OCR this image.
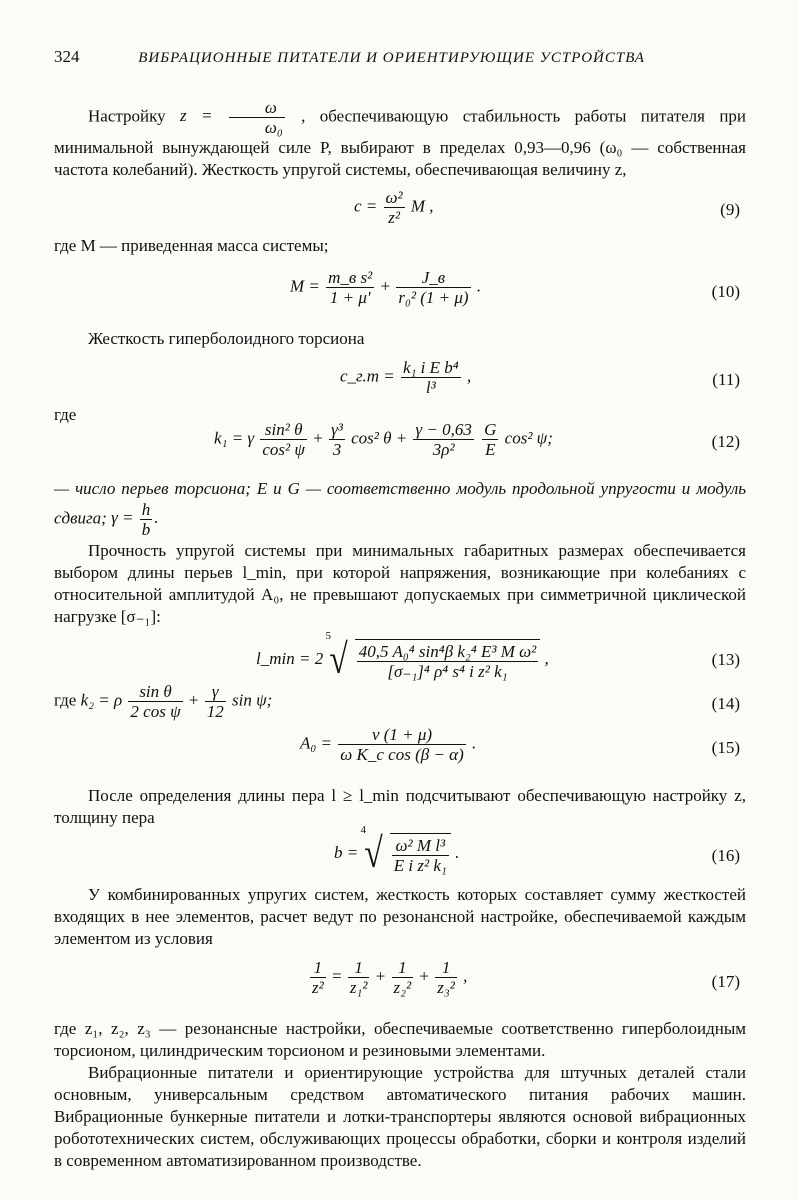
324	ВИБРАЦИОННЫЕ ПИТАТЕЛИ И ОРИЕНТИРУЮЩИЕ УСТРОЙСТВА

Настройку $z = \frac{\omega}{\text{ω₀}}$ , обеспечивающую стабильность работы питателя при минимальной вынуждающей силе P, выбирают в пределах 0,93—0,96 (ω₀ — собственная частота колебаний). Жесткость упругой системы, обеспечивающая величину z,

$c = \frac{\text{ω²}}{\text{z²}}$ M ,	(9)

где M — приведенная масса системы;

$M = \frac{\text{m\_в s²}}{1 + \mu'} + \frac{J\_в}{\text{r₀² (1 + μ)}}$ .	(10)

Жесткость гиперболоидного торсиона

c_г.т = $\frac{\text{k₁ i E b⁴}}{\text{l³}}$ ,	(11)

где

k₁ = γ $\frac{\text{sin² θ}}{\text{cos² ψ}} + \frac{\text{γ³}}{3} \cos^2$ $\theta + \frac{\gamma - 0,63}{\text{3ρ²}}$
$\frac{G}{E} \cos^2$ ψ;	(12)

— число перьев торсиона; E и G — соответственно модуль продольной упругости и модуль сдвига; $\gamma = \frac{h}{b}$ .

Прочность упругой системы при минимальных габаритных размерах обеспечивается выбором длины перьев l_min, при которой напряжения, возникающие при колебаниях с относительной амплитудой A₀, не превышают допускаемых при симметричной циклической нагрузке [σ₋₁]:

l_min = 2
5
√ $\frac{\text{40,5 A₀⁴ sin⁴β k₂⁴ E³ M ω²}}{\text{[σ₋₁]⁴ ρ⁴ s⁴ i z² k₁}}$ ,	(13)
где k₂ = ρ $\frac{\text{sin θ}}{\text{2 cos ψ}} + \frac{\gamma}{12}$ sin ψ;	(14)
$A_0 = \frac{v (1 + \mu)}{\text{ω K\_c cos (β − α)}}$ .	(15)

После определения длины пера l ≥ l_min подсчитывают обеспечивающую настройку z, толщину пера

b =
4
√ $\frac{\text{ω² M l³}}{\text{E i z² k₁}}$ .	(16)

У комбинированных упругих систем, жесткость которых составляет сумму жесткостей входящих в нее элементов, расчет ведут по резонансной настройке, обеспечиваемой каждым элементом из условия

$\frac{1}{\text{z²}} = \frac{1}{\text{z₁²}} + \frac{1}{\text{z₂²}} + \frac{1}{\text{z₃²}}$ ,	(17)

где z₁, z₂, z₃ — резонансные настройки, обеспечиваемые соответственно гиперболоидным торсионом, цилиндрическим торсионом и резиновыми элементами.

Вибрационные питатели и ориентирующие устройства для штучных деталей стали основным, универсальным средством автоматического питания рабочих машин. Вибрационные бункерные питатели и лотки-транспортеры являются основой вибрационных робототехнических систем, обслуживающих процессы обработки, сборки и контроля изделий в современном автоматизированном производстве.
